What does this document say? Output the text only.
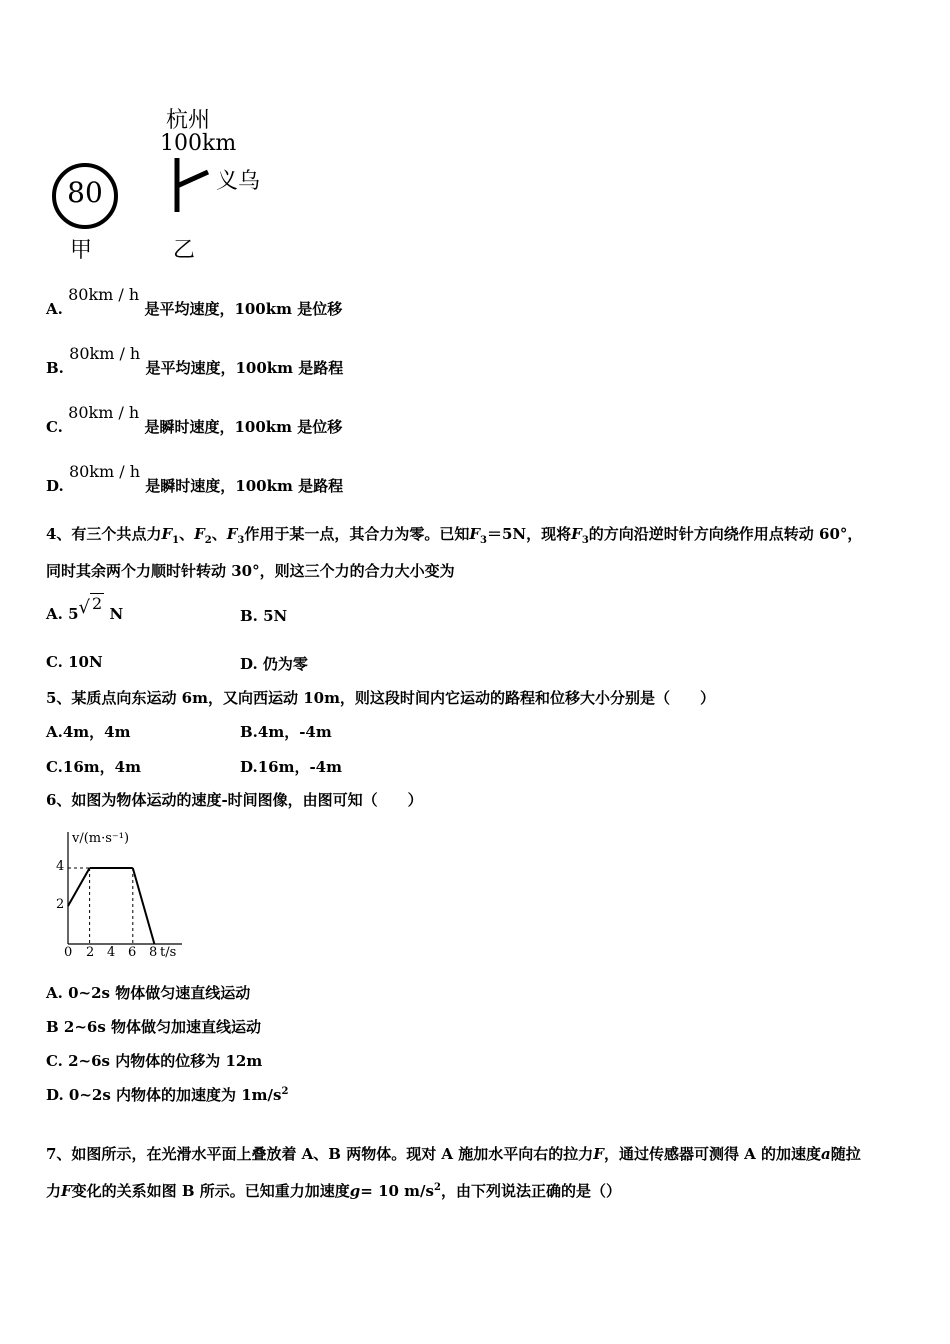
80
甲
杭州
100km
义乌
乙
A. 80km / h 是平均速度，100km 是位移
B. 80km / h 是平均速度，100km 是路程
C. 80km / h 是瞬时速度，100km 是位移
D. 80km / h 是瞬时速度，100km 是路程
4、有三个共点力$F_1$、$F_2$、$F_3$作用于某一点，其合力为零。已知$F_3=5N$，现将$F_3$的方向沿逆时针方向绕作用点转动 60°，
同时其余两个力顺时针转动 30°，则这三个力的合力大小变为
A. 5√ 2 N	B. 5N
C. 10N	D. 仍为零
5、某质点向东运动 6m，又向西运动 10m，则这段时间内它运动的路程和位移大小分别是（　　）
A.4m，4m	B.4m，-4m
C.16m，4m	D.16m，-4m
6、如图为物体运动的速度-时间图像，由图可知（　　）
v/(m·s⁻¹)
t/s
4
2
0 2 4 6 8
A. 0~2s 物体做匀速直线运动
B 2~6s 物体做匀加速直线运动
C. 2~6s 内物体的位移为 12m
D. 0~2s 内物体的加速度为 $1m/s^2$
7、如图所示，在光滑水平面上叠放着 A、B 两物体。现对 A 施加水平向右的拉力F，通过传感器可测得 A 的加速度a随拉
力F变化的关系如图 B 所示。已知重力加速度g= 10 $m/s^2$，由下列说法正确的是（）
